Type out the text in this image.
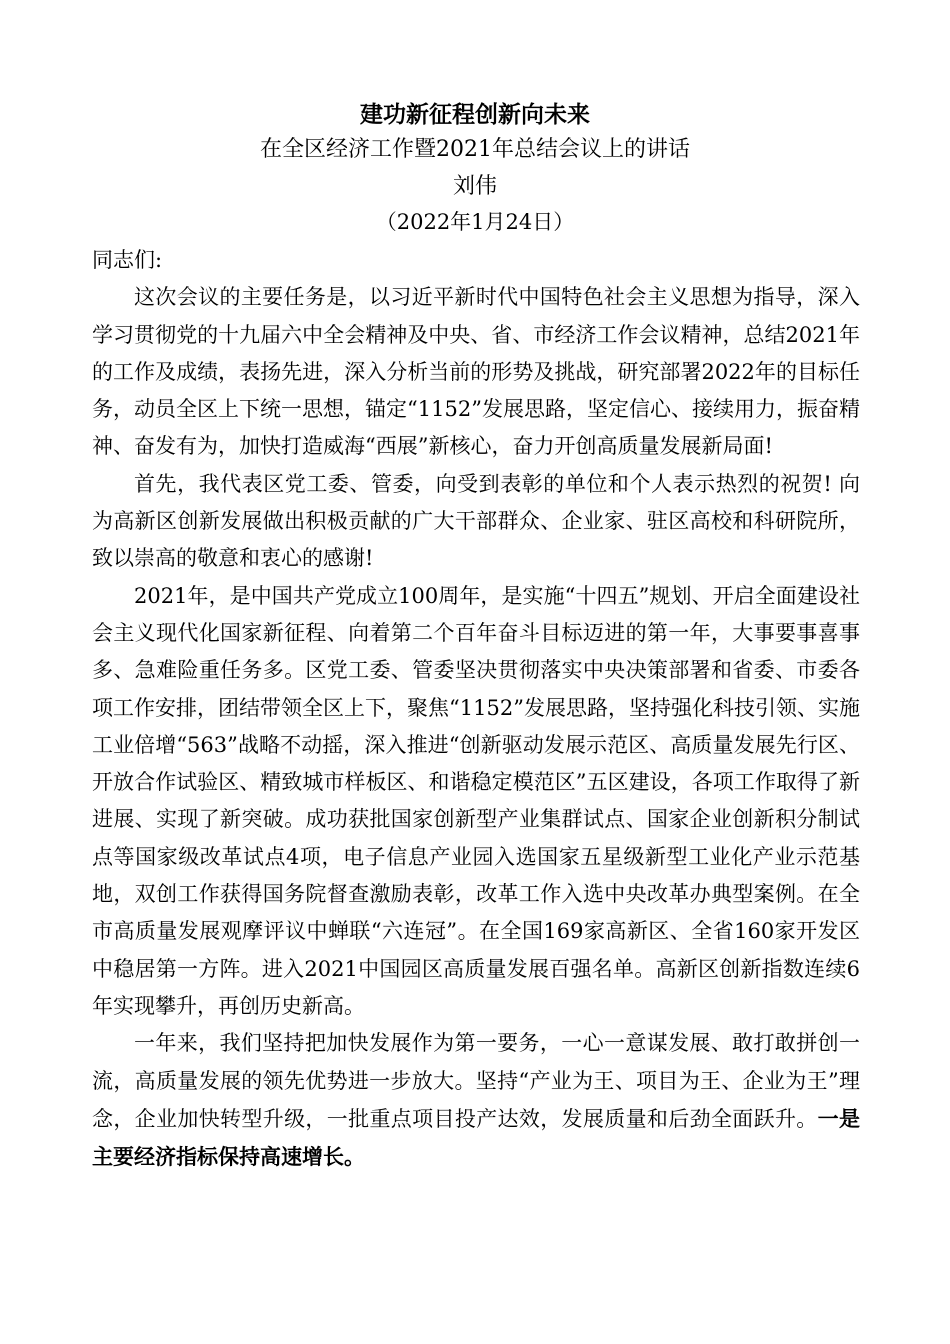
建功新征程创新向未来
在全区经济工作暨2021年总结会议上的讲话
刘伟
（2022年1月24日）

同志们:

这次会议的主要任务是，以习近平新时代中国特色社会主义思想为指导，深入学习贯彻党的十九届六中全会精神及中央、省、市经济工作会议精神，总结2021年的工作及成绩，表扬先进，深入分析当前的形势及挑战，研究部署2022年的目标任务，动员全区上下统一思想，锚定“1152”发展思路，坚定信心、接续用力，振奋精神、奋发有为，加快打造威海“西展”新核心，奋力开创高质量发展新局面!

首先，我代表区党工委、管委，向受到表彰的单位和个人表示热烈的祝贺! 向为高新区创新发展做出积极贡献的广大干部群众、企业家、驻区高校和科研院所，致以崇高的敬意和衷心的感谢!

2021年，是中国共产党成立100周年，是实施“十四五”规划、开启全面建设社会主义现代化国家新征程、向着第二个百年奋斗目标迈进的第一年，大事要事喜事多、急难险重任务多。区党工委、管委坚决贯彻落实中央决策部署和省委、市委各项工作安排，团结带领全区上下，聚焦“1152”发展思路，坚持强化科技引领、实施工业倍增“563”战略不动摇，深入推进“创新驱动发展示范区、高质量发展先行区、开放合作试验区、精致城市样板区、和谐稳定模范区”五区建设，各项工作取得了新进展、实现了新突破。成功获批国家创新型产业集群试点、国家企业创新积分制试点等国家级改革试点4项，电子信息产业园入选国家五星级新型工业化产业示范基地，双创工作获得国务院督查激励表彰，改革工作入选中央改革办典型案例。在全市高质量发展观摩评议中蝉联“六连冠”。在全国169家高新区、全省160家开发区中稳居第一方阵。进入2021中国园区高质量发展百强名单。高新区创新指数连续6年实现攀升，再创历史新高。

一年来，我们坚持把加快发展作为第一要务，一心一意谋发展、敢打敢拼创一流，高质量发展的领先优势进一步放大。坚持“产业为王、项目为王、企业为王”理念，企业加快转型升级，一批重点项目投产达效，发展质量和后劲全面跃升。一是主要经济指标保持高速增长。
